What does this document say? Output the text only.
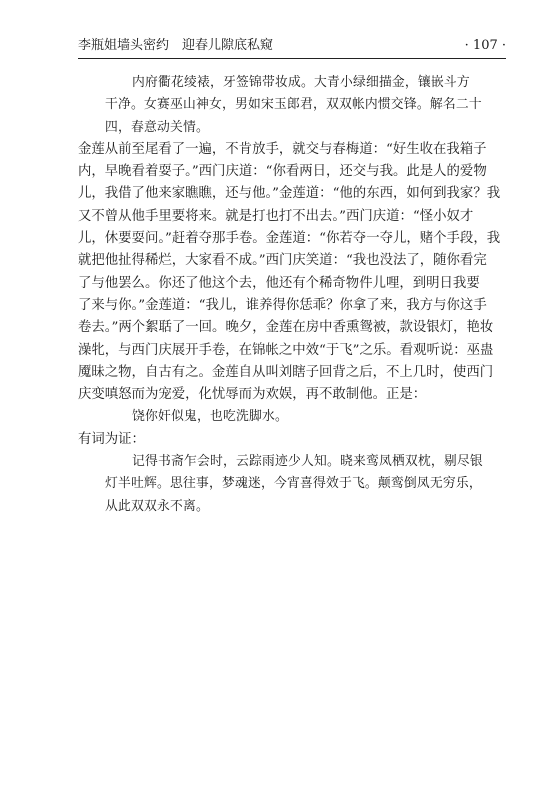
李瓶姐墙头密约　迎春儿隙底私窥	· 107 ·
内府衢花绫裱，牙签锦带妆成。大青小绿细描金，镶嵌斗方
干净。女赛巫山神女，男如宋玉郎君，双双帐内惯交锋。解名二十
四，春意动关情。
金莲从前至尾看了一遍，不肯放手，就交与春梅道：“好生收在我箱子
内，早晚看着耍子。”西门庆道：“你看两日，还交与我。此是人的爱物
儿，我借了他来家瞧瞧，还与他。”金莲道：“他的东西，如何到我家？我
又不曾从他手里要将来。就是打也打不出去。”西门庆道：“怪小奴才
儿，休要耍问。”赶着夺那手卷。金莲道：“你若夺一夺儿，赌个手段，我
就把他扯得稀烂，大家看不成。”西门庆笑道：“我也没法了，随你看完
了与他罢么。你还了他这个去，他还有个稀奇物件儿哩，到明日我要
了来与你。”金莲道：“我儿，谁养得你恁乖？你拿了来，我方与你这手
卷去。”两个絮聒了一回。晚夕，金莲在房中香熏鸳被，款设银灯，艳妆
澡牝，与西门庆展开手卷，在锦帐之中效“于飞”之乐。看观听说：巫蛊
魇昧之物，自古有之。金莲自从叫刘瞎子回背之后，不上几时，使西门
庆变嗔怒而为宠爱，化忧辱而为欢娱，再不敢制他。正是：
饶你奸似鬼，也吃洗脚水。
有词为证：
记得书斋乍会时，云踪雨迹少人知。晓来鸾凤栖双枕，剔尽银
灯半吐辉。思往事，梦魂迷，今宵喜得效于飞。颠鸾倒凤无穷乐，
从此双双永不离。
